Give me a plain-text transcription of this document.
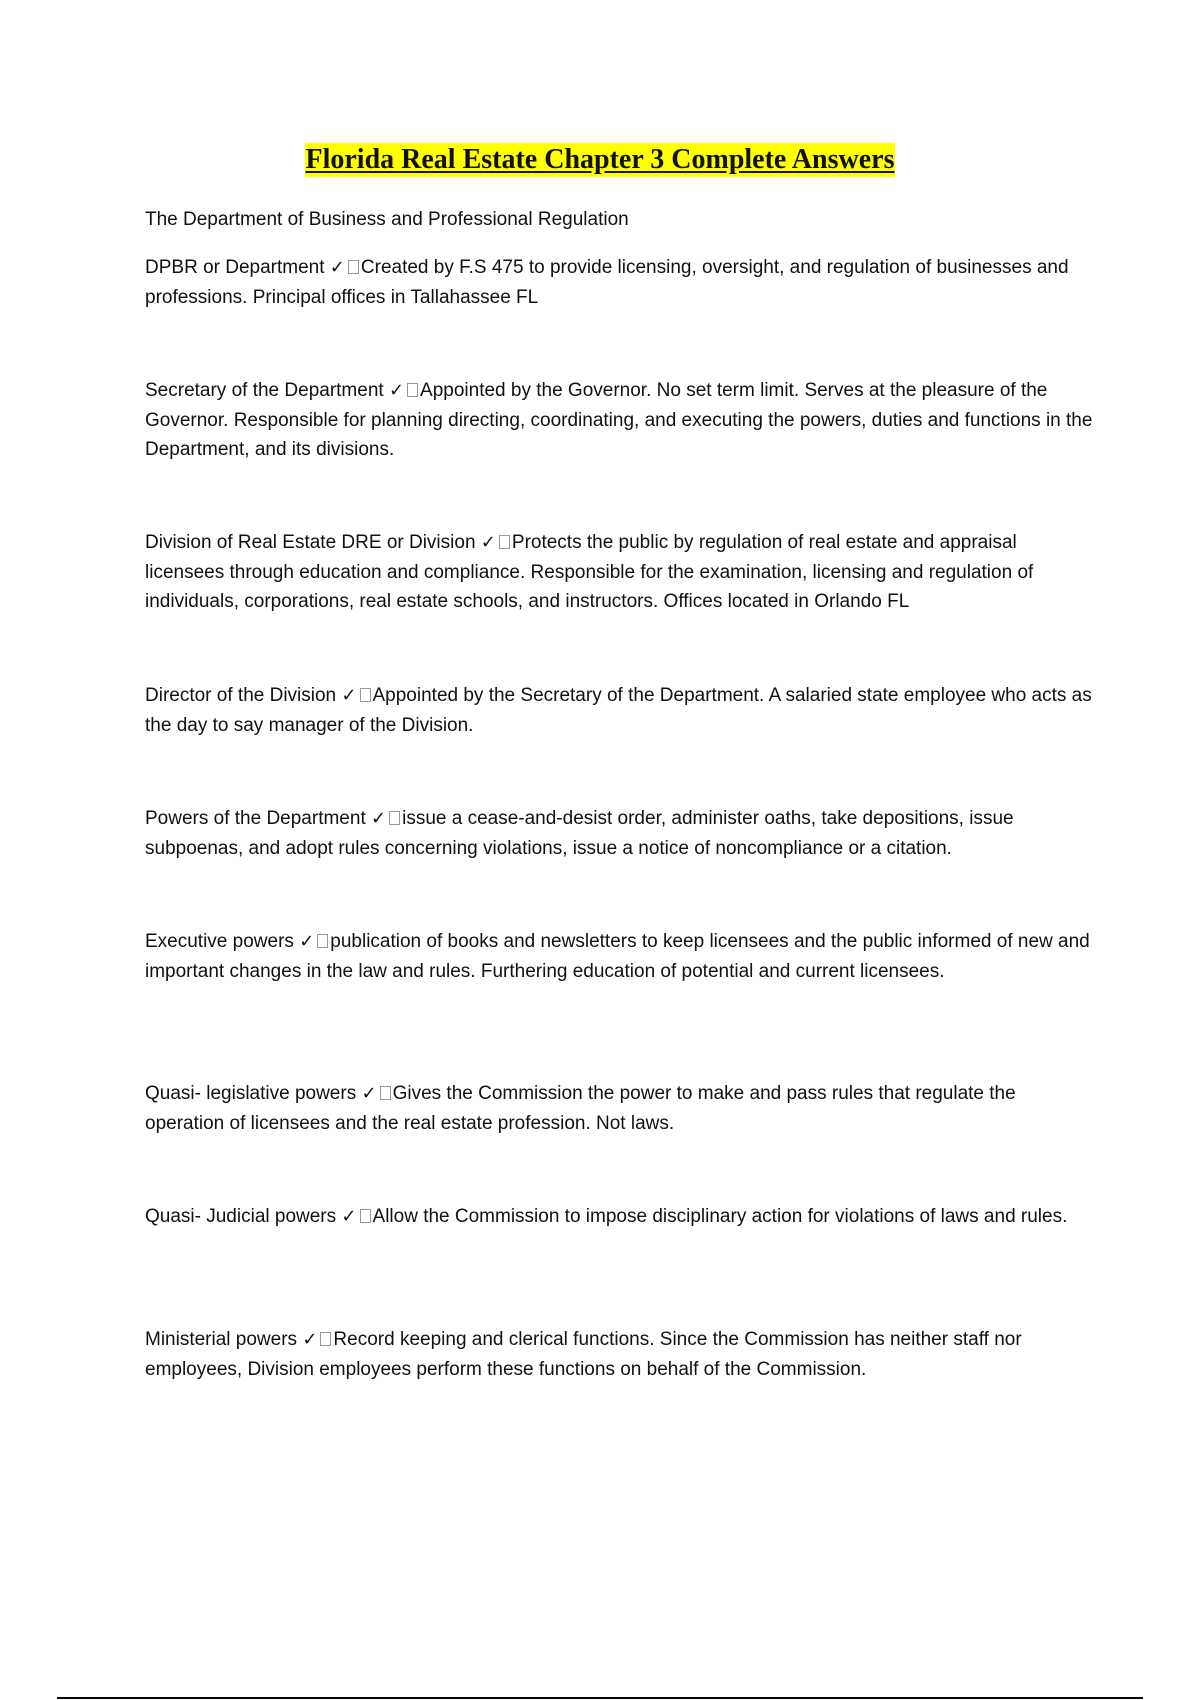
Florida Real Estate Chapter 3 Complete Answers
The Department of Business and Professional Regulation
DPBR or Department ✓ Created by F.S 475 to provide licensing, oversight, and regulation of businesses and professions. Principal offices in Tallahassee FL
Secretary of the Department ✓ Appointed by the Governor. No set term limit. Serves at the pleasure of the Governor. Responsible for planning directing, coordinating, and executing the powers, duties and functions in the Department, and its divisions.
Division of Real Estate DRE or Division ✓ Protects the public by regulation of real estate and appraisal licensees through education and compliance. Responsible for the examination, licensing and regulation of individuals, corporations, real estate schools, and instructors. Offices located in Orlando FL
Director of the Division ✓ Appointed by the Secretary of the Department. A salaried state employee who acts as the day to say manager of the Division.
Powers of the Department ✓ issue a cease-and-desist order, administer oaths, take depositions, issue subpoenas, and adopt rules concerning violations, issue a notice of noncompliance or a citation.
Executive powers ✓ publication of books and newsletters to keep licensees and the public informed of new and important changes in the law and rules. Furthering education of potential and current licensees.
Quasi- legislative powers ✓ Gives the Commission the power to make and pass rules that regulate the operation of licensees and the real estate profession. Not laws.
Quasi- Judicial powers ✓ Allow the Commission to impose disciplinary action for violations of laws and rules.
Ministerial powers ✓ Record keeping and clerical functions. Since the Commission has neither staff nor employees, Division employees perform these functions on behalf of the Commission.
